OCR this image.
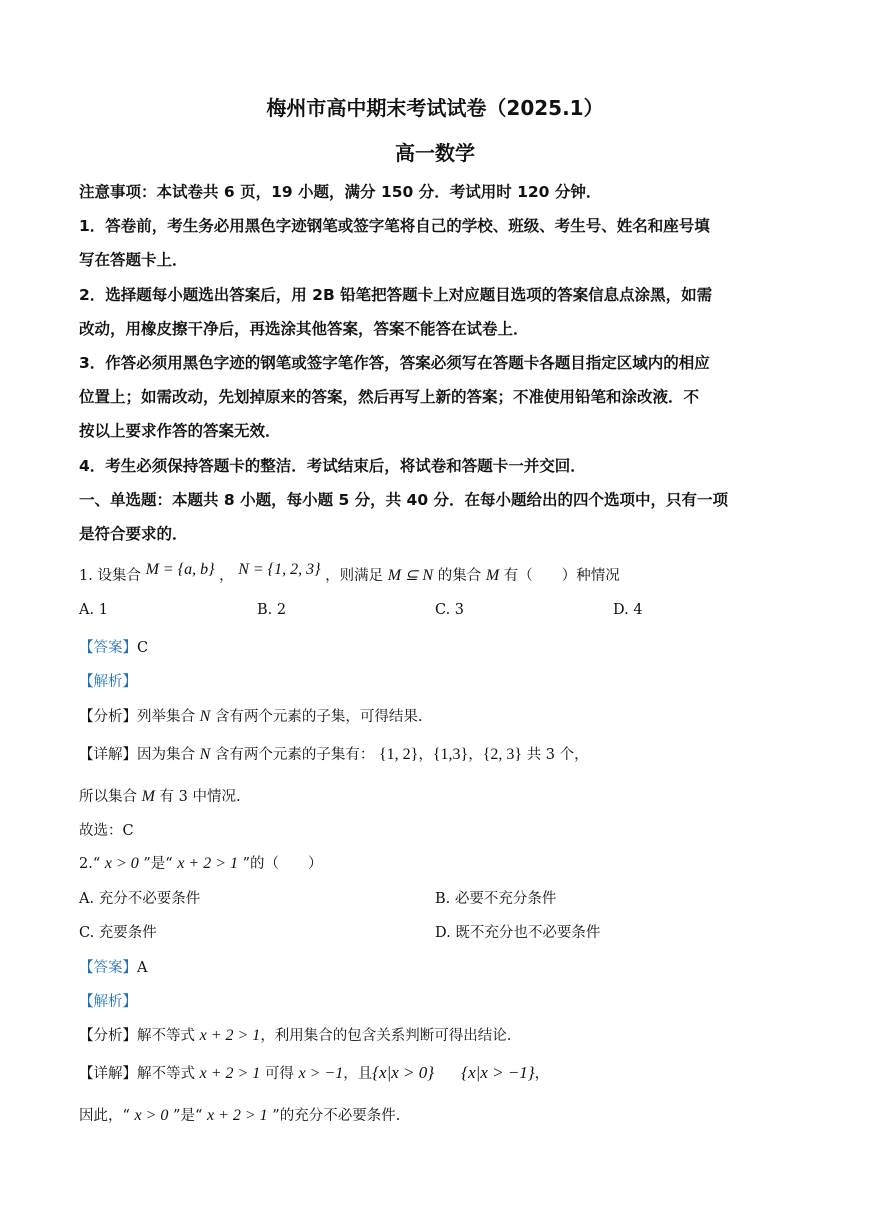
梅州市高中期末考试试卷（2025.1）
高一数学
注意事项：本试卷共 6 页，19 小题，满分 150 分．考试用时 120 分钟．
1．答卷前，考生务必用黑色字迹钢笔或签字笔将自己的学校、班级、考生号、姓名和座号填
写在答题卡上．
2．选择题每小题选出答案后，用 2B 铅笔把答题卡上对应题目选项的答案信息点涂黑，如需
改动，用橡皮擦干净后，再选涂其他答案，答案不能答在试卷上．
3．作答必须用黑色字迹的钢笔或签字笔作答，答案必须写在答题卡各题目指定区域内的相应
位置上；如需改动，先划掉原来的答案，然后再写上新的答案；不准使用铅笔和涂改液．不
按以上要求作答的答案无效．
4．考生必须保持答题卡的整洁．考试结束后，将试卷和答题卡一并交回．
一、单选题：本题共 8 小题，每小题 5 分，共 40 分．在每小题给出的四个选项中，只有一项
是符合要求的．
1. 设集合 M = {a, b} ， N = {1, 2, 3} ，则满足 M ⊆ N 的集合 M 有（　　）种情况
A. 1	B. 2	C. 3	D. 4
【答案】C
【解析】
【分析】列举集合 N 含有两个元素的子集，可得结果.
【详解】因为集合 N 含有两个元素的子集有： {1, 2}，{1,3}，{2, 3} 共 3 个，
所以集合 M 有 3 中情况.
故选：C
2.“ x > 0 ”是“ x + 2 > 1 ”的（　　）
A. 充分不必要条件	B. 必要不充分条件
C. 充要条件	D. 既不充分也不必要条件
【答案】A
【解析】
【分析】解不等式 x + 2 > 1，利用集合的包含关系判断可得出结论.
【详解】解不等式 x + 2 > 1 可得 x > −1，且{x|x > 0} {x|x > −1}，
因此，“ x > 0 ”是“ x + 2 > 1 ”的充分不必要条件.
